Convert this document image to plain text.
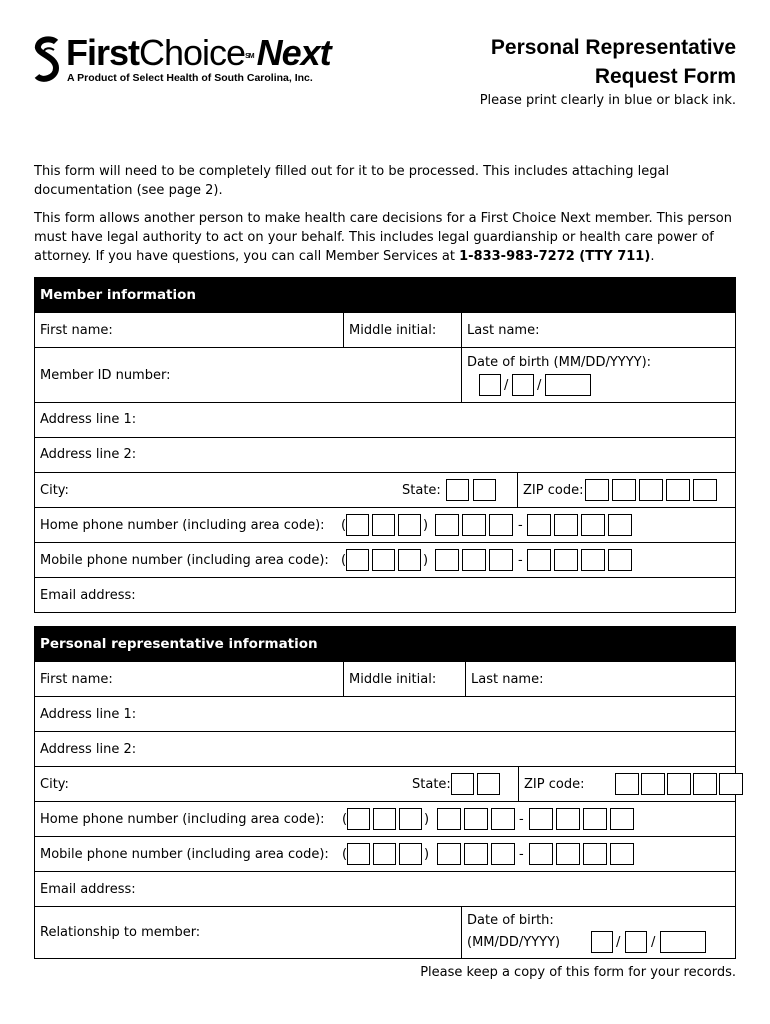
FirstChoice℠Next
A Product of Select Health of South Carolina, Inc.
Personal Representative
Request Form
Please print clearly in blue or black ink.
This form will need to be completely filled out for it to be processed. This includes attaching legal documentation (see page 2).
This form allows another person to make health care decisions for a First Choice Next member. This person must have legal authority to act on your behalf. This includes legal guardianship or health care power of attorney. If you have questions, you can call Member Services at 1-833-983-7272 (TTY 711).
Member information
First name:	Middle initial: Last name:
Member ID number:
Date of birth (MM/DD/YYYY):
/ /
Address line 1:
Address line 2:
City:	State:	ZIP code:
Home phone number (including area code): (	)	-
Mobile phone number (including area code): (	)	-
Email address:
Personal representative information
First name:	Middle initial:	Last name:
Address line 1:
Address line 2:
City:	State:	ZIP code:
Home phone number (including area code): (	)	-
Mobile phone number (including area code): (	)	-
Email address:
Relationship to member:
Date of birth:
(MM/DD/YYYY)	/ /
Please keep a copy of this form for your records.
